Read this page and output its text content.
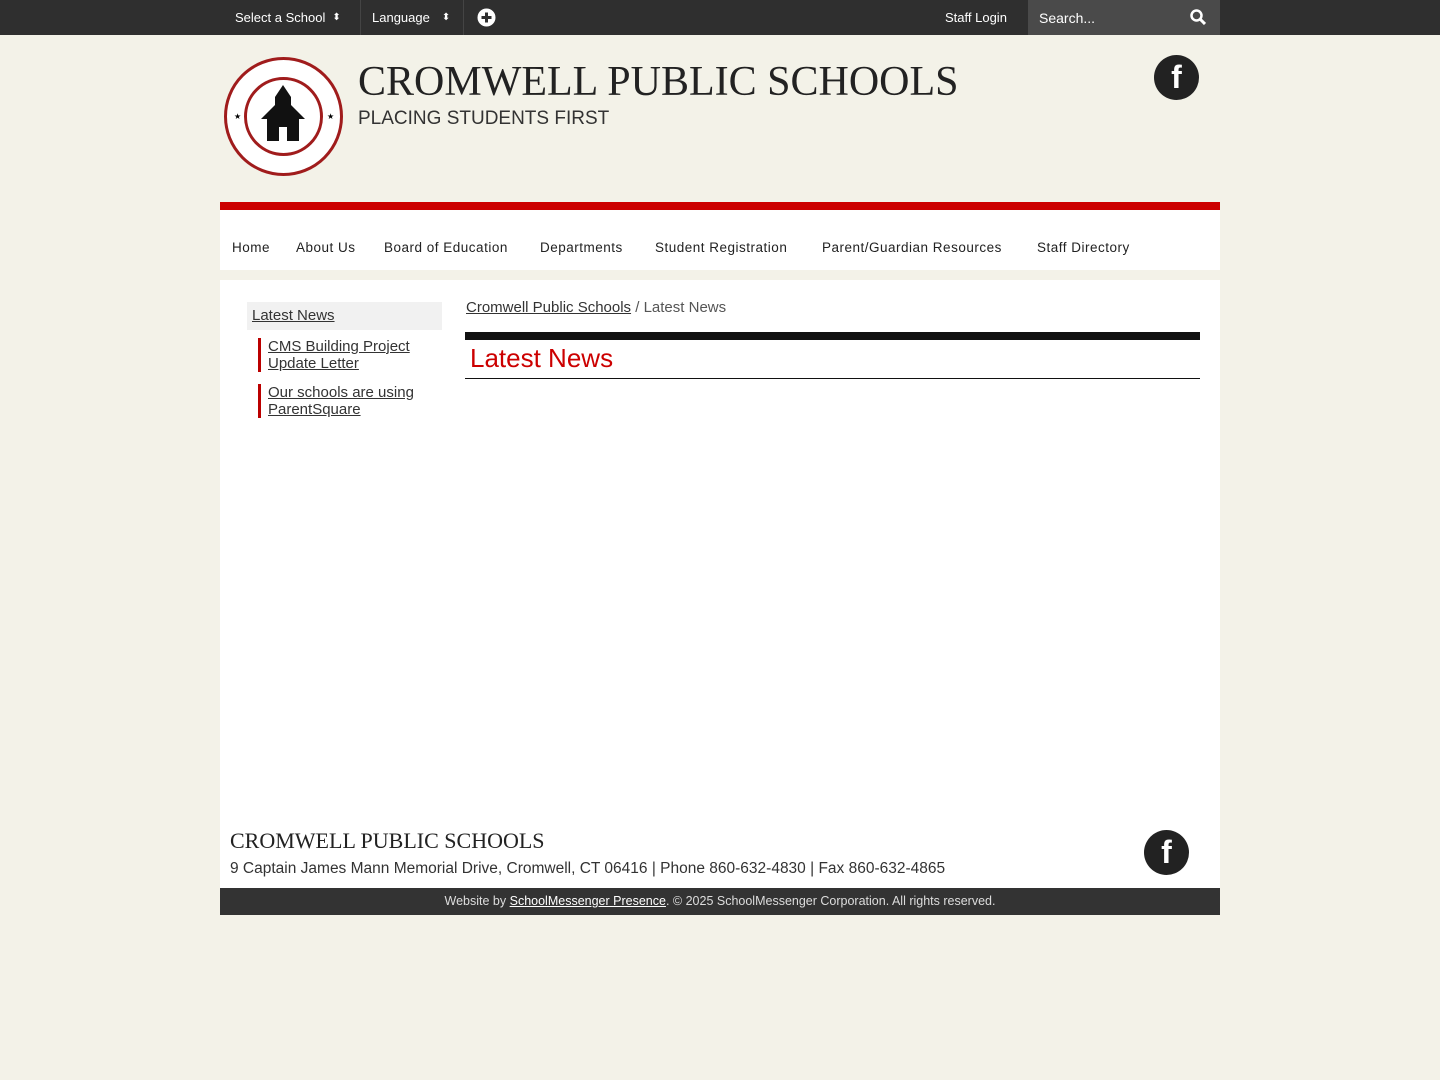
Select a School ⬍ Language ⬍	Staff Login Search...
★	★
CROMWELL PUBLIC SCHOOLS
PLACING STUDENTS FIRST
f
Home About Us Board of Education Departments Student Registration	Parent/Guardian Resources	Staff Directory
Latest News
CMS Building Project Update Letter
Our schools are using ParentSquare
Cromwell Public Schools / Latest News
Latest News
CROMWELL PUBLIC SCHOOLS
9 Captain James Mann Memorial Drive, Cromwell, CT 06416 | Phone 860-632-4830 | Fax 860-632-4865	f
Website by SchoolMessenger Presence. © 2025 SchoolMessenger Corporation. All rights reserved.
